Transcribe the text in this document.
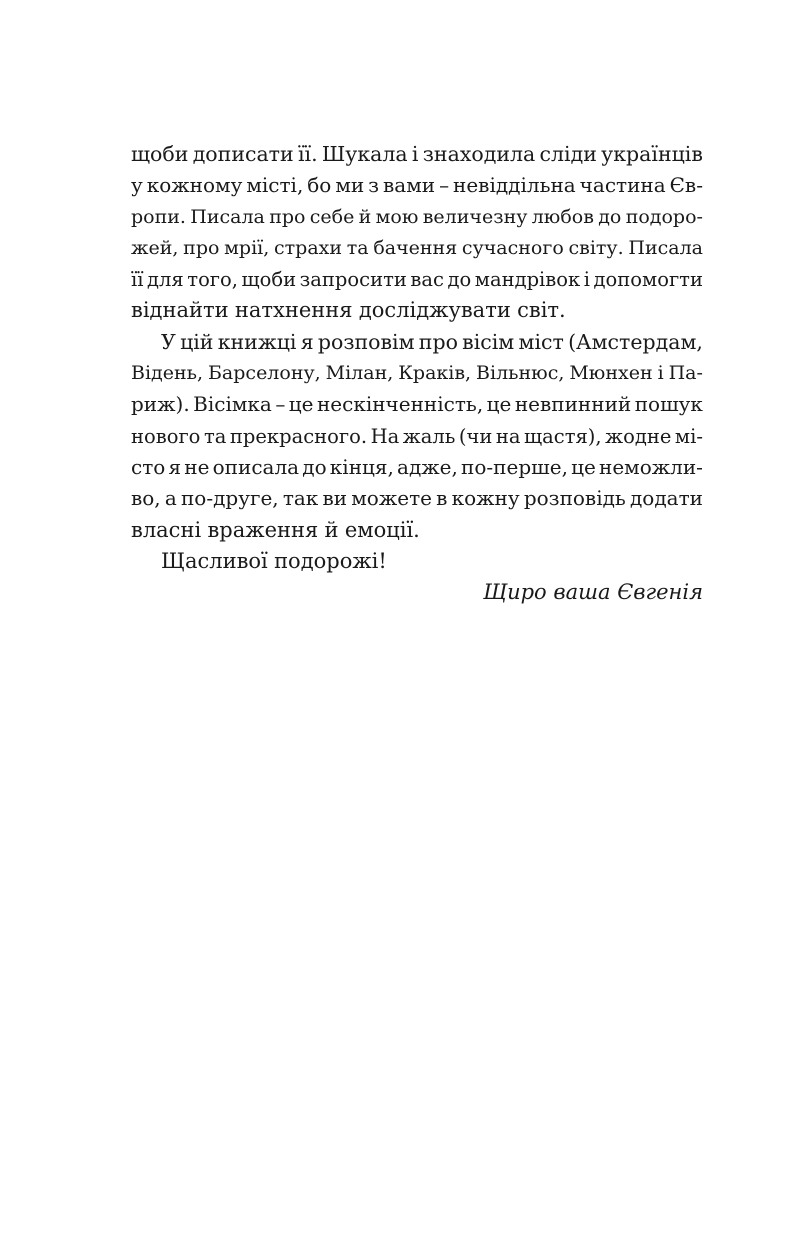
щоби дописати її. Шукала і знаходила сліди українців
у кожному місті, бо ми з вами – невіддільна частина Єв-
ропи. Писала про себе й мою величезну любов до подоро-
жей, про мрії, страхи та бачення сучасного світу. Писала
її для того, щоби запросити вас до мандрівок і допомогти
віднайти натхнення досліджувати світ.
У цій книжці я розповім про вісім міст (Амстердам,
Відень, Барселону, Мілан, Краків, Вільнюс, Мюнхен і Па-
риж). Вісімка – це нескінченність, це невпинний пошук
нового та прекрасного. На жаль (чи на щастя), жодне мі-
сто я не описала до кінця, адже, по-перше, це неможли-
во, а по-друге, так ви можете в кожну розповідь додати
власні враження й емоції.
Щасливої подорожі!
Щиро ваша Євгенія
